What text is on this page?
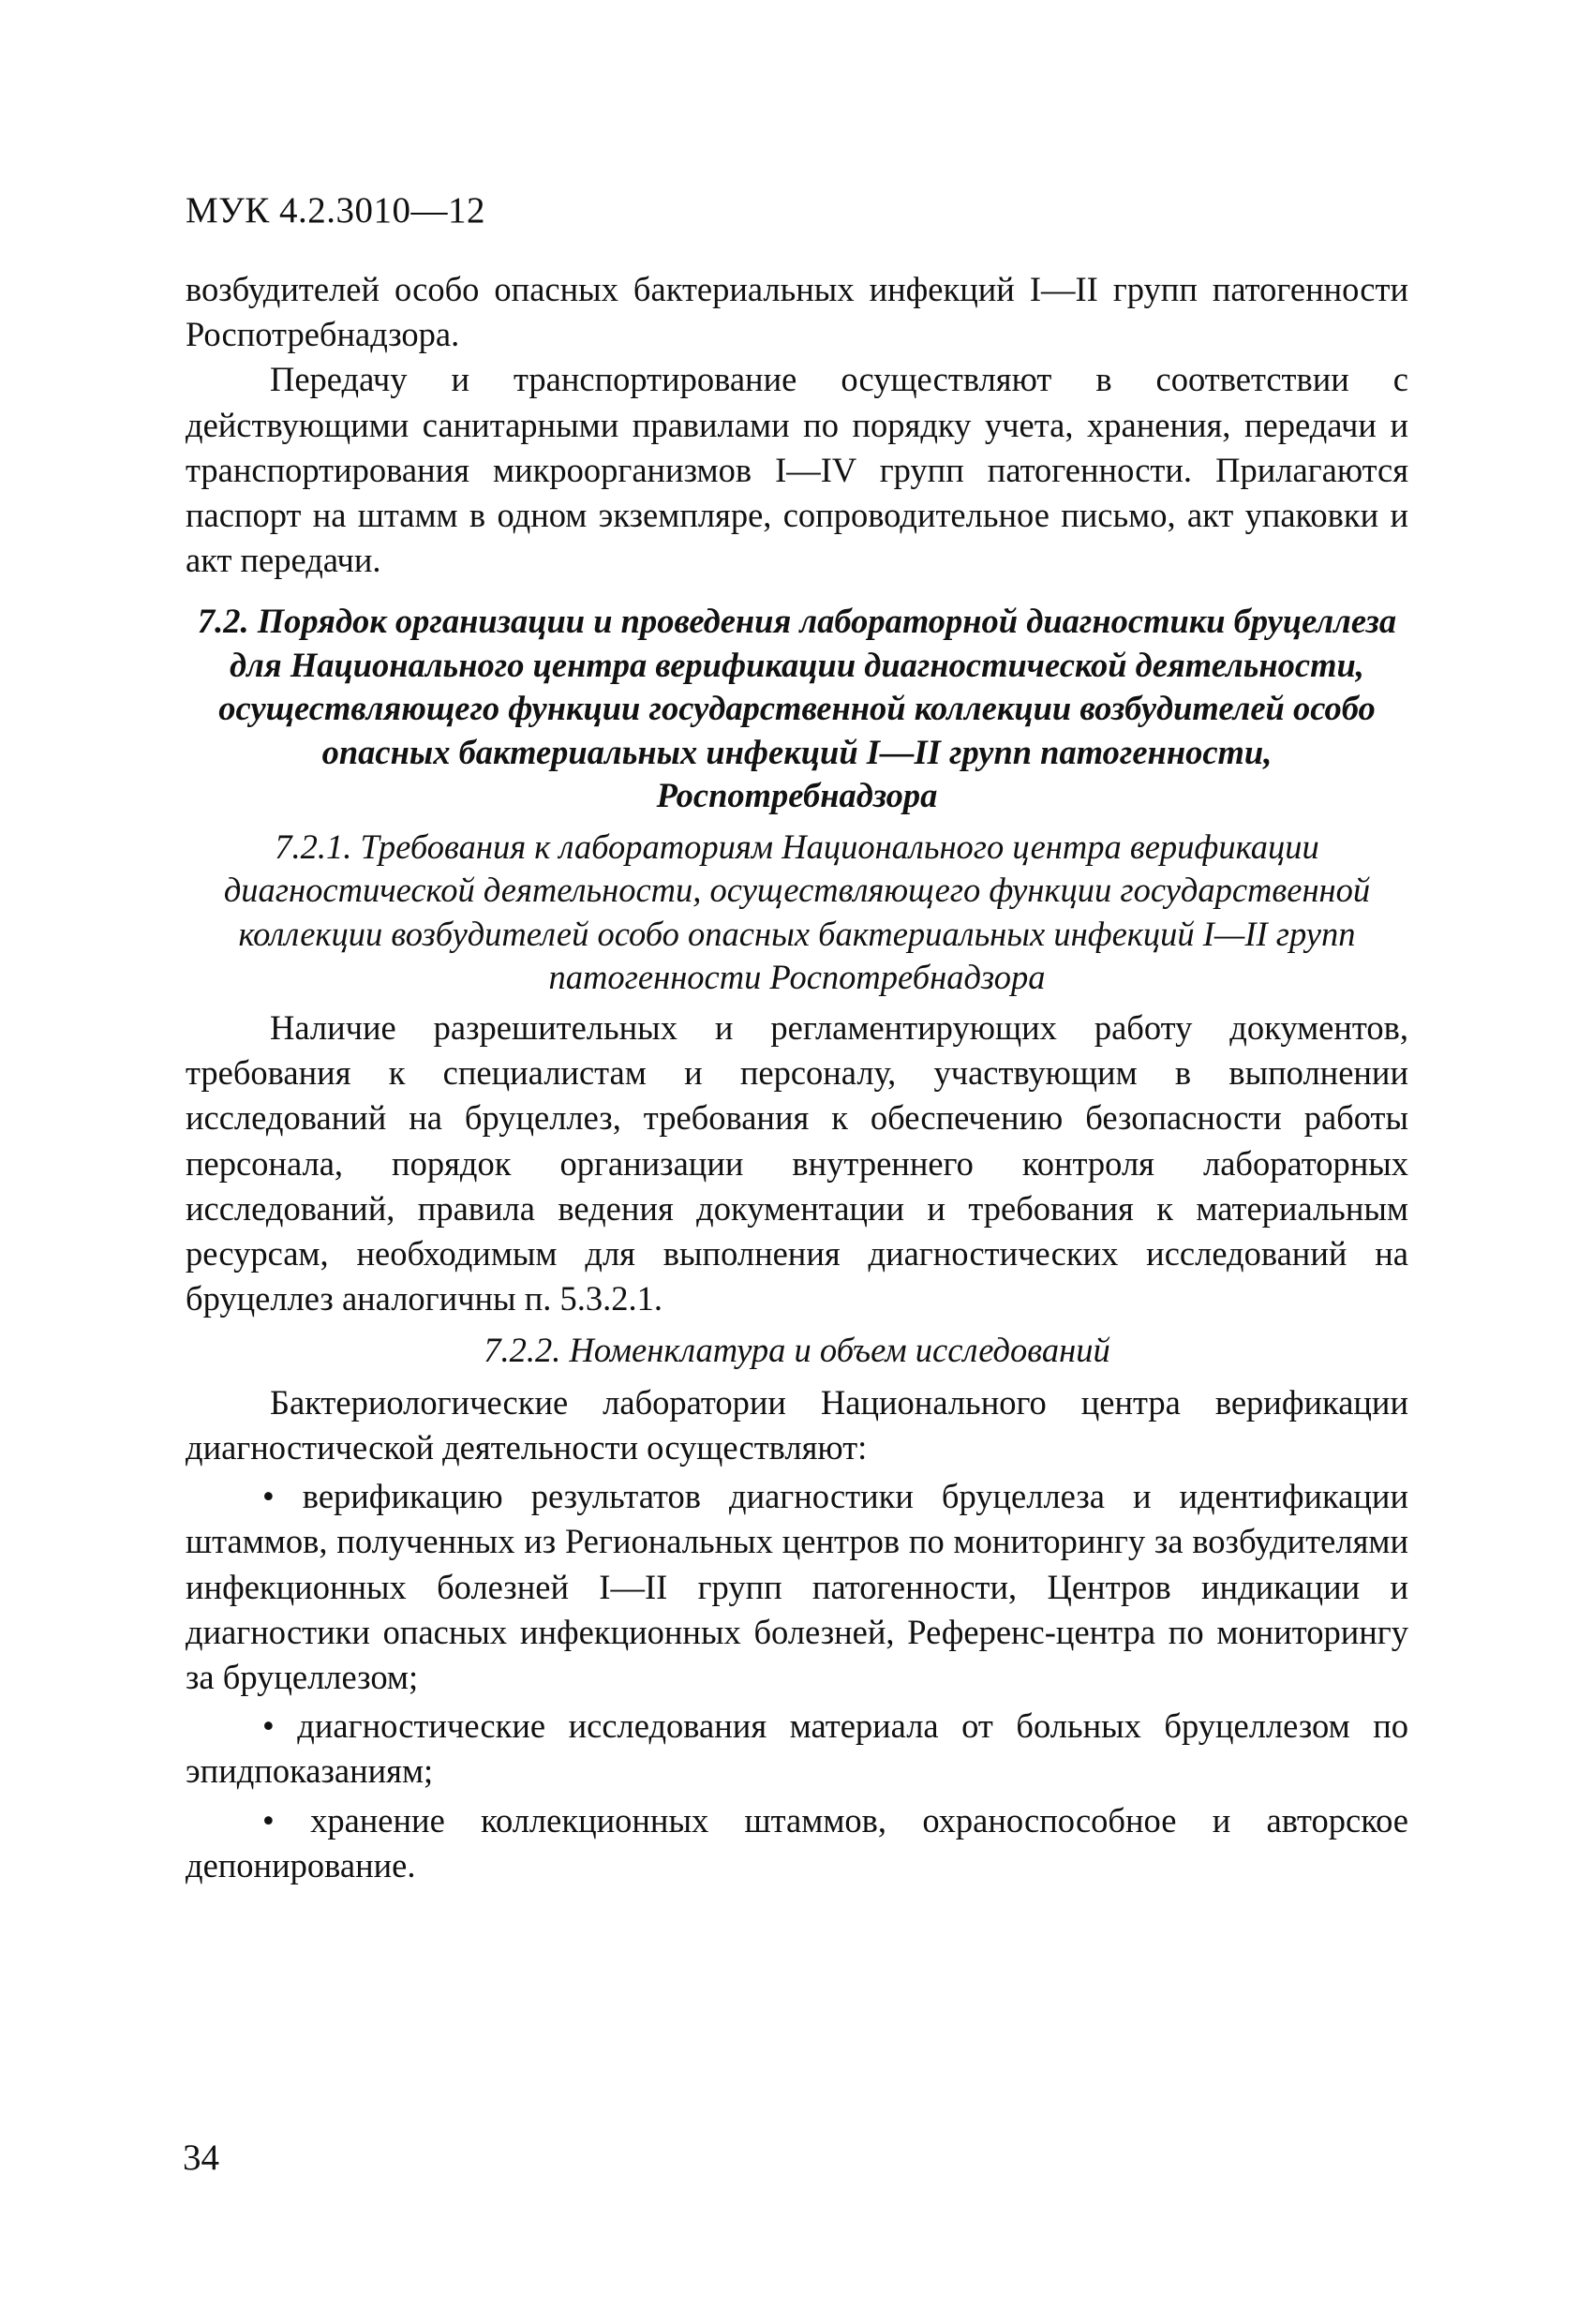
МУК 4.2.3010—12

возбудителей особо опасных бактериальных инфекций I—II групп патогенности Роспотребнадзора.

Передачу и транспортирование осуществляют в соответствии с действующими санитарными правилами по порядку учета, хранения, передачи и транспортирования микроорганизмов I—IV групп патогенности. Прилагаются паспорт на штамм в одном экземпляре, сопроводительное письмо, акт упаковки и акт передачи.

7.2. Порядок организации и проведения лабораторной диагностики бруцеллеза для Национального центра верификации диагностической деятельности, осуществляющего функции государственной коллекции возбудителей особо опасных бактериальных инфекций I—II групп патогенности, Роспотребнадзора
7.2.1. Требования к лабораториям Национального центра верификации диагностической деятельности, осуществляющего функции государственной коллекции возбудителей особо опасных бактериальных инфекций I—II групп патогенности Роспотребнадзора

Наличие разрешительных и регламентирующих работу документов, требования к специалистам и персоналу, участвующим в выполнении исследований на бруцеллез, требования к обеспечению безопасности работы персонала, порядок организации внутреннего контроля лабораторных исследований, правила ведения документации и требования к материальным ресурсам, необходимым для выполнения диагностических исследований на бруцеллез аналогичны п. 5.3.2.1.

7.2.2. Номенклатура и объем исследований

Бактериологические лаборатории Национального центра верификации диагностической деятельности осуществляют:

• верификацию результатов диагностики бруцеллеза и идентификации штаммов, полученных из Региональных центров по мониторингу за возбудителями инфекционных болезней I—II групп патогенности, Центров индикации и диагностики опасных инфекционных болезней, Референс-центра по мониторингу за бруцеллезом;

• диагностические исследования материала от больных бруцеллезом по эпидпоказаниям;

• хранение коллекционных штаммов, охраноспособное и авторское депонирование.

34
